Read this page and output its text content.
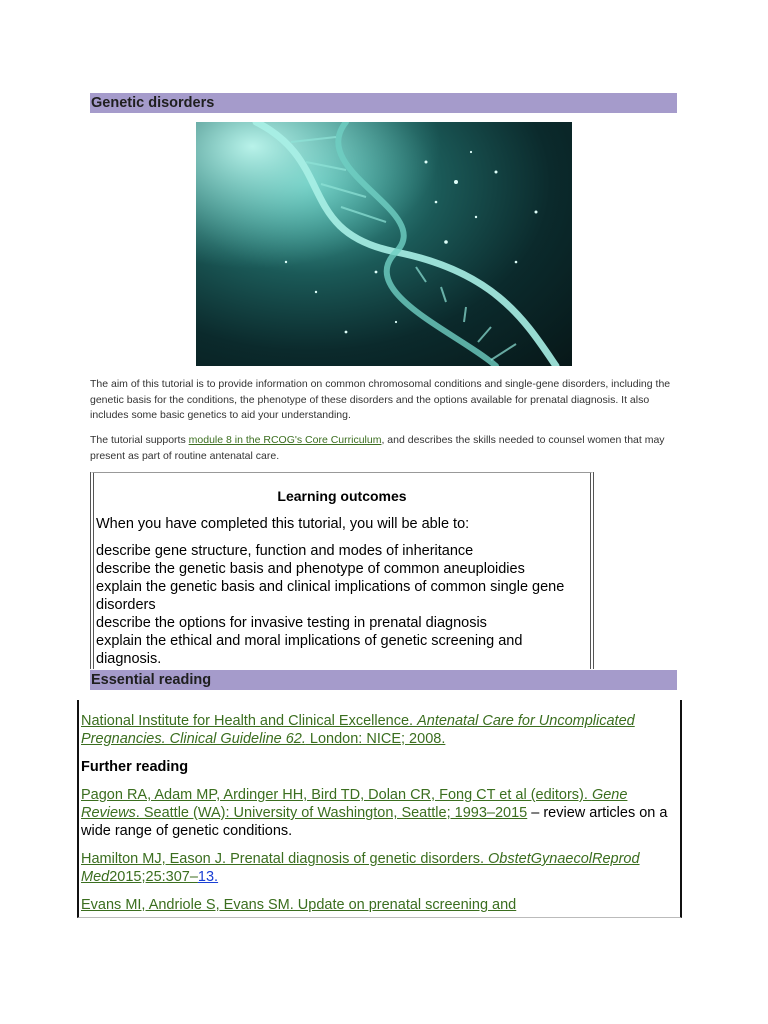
Genetic disorders
The aim of this tutorial is to provide information on common chromosomal conditions and single-gene disorders, including the genetic basis for the conditions, the phenotype of these disorders and the options available for prenatal diagnosis. It also includes some basic genetics to aid your understanding.
The tutorial supports module 8 in the RCOG's Core Curriculum, and describes the skills needed to counsel women that may present as part of routine antenatal care.
Learning outcomes
When you have completed this tutorial, you will be able to:
describe gene structure, function and modes of inheritance
describe the genetic basis and phenotype of common aneuploidies
explain the genetic basis and clinical implications of common single gene disorders
describe the options for invasive testing in prenatal diagnosis
explain the ethical and moral implications of genetic screening and diagnosis.
Essential reading

National Institute for Health and Clinical Excellence. Antenatal Care for Uncomplicated Pregnancies. Clinical Guideline 62. London: NICE; 2008.

Further reading

Pagon RA, Adam MP, Ardinger HH, Bird TD, Dolan CR, Fong CT et al (editors). Gene Reviews. Seattle (WA): University of Washington, Seattle; 1993–2015 – review articles on a wide range of genetic conditions.

Hamilton MJ, Eason J. Prenatal diagnosis of genetic disorders. ObstetGynaecolReprod Med2015;25:307–13.

Evans MI, Andriole S, Evans SM. Update on prenatal screening and
